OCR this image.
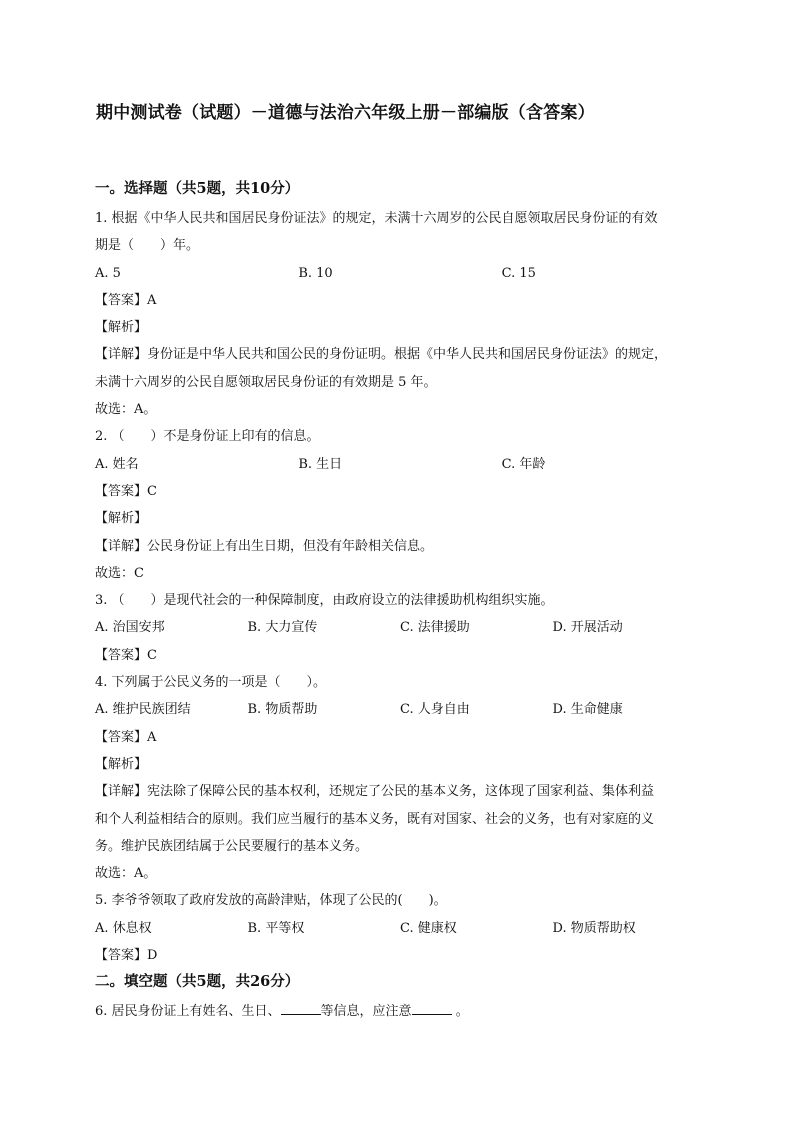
期中测试卷（试题）－道德与法治六年级上册－部编版（含答案）
一。选择题（共5题，共10分）
1. 根据《中华人民共和国居民身份证法》的规定，未满十六周岁的公民自愿领取居民身份证的有效
期是（　　）年。
A. 5	B. 10	C. 15
【答案】A
【解析】
【详解】身份证是中华人民共和国公民的身份证明。根据《中华人民共和国居民身份证法》的规定，
未满十六周岁的公民自愿领取居民身份证的有效期是 5 年。
故选：A。
2. （　　）不是身份证上印有的信息。
A. 姓名	B. 生日	C. 年龄
【答案】C
【解析】
【详解】公民身份证上有出生日期，但没有年龄相关信息。
故选：C
3. （　　）是现代社会的一种保障制度，由政府设立的法律援助机构组织实施。
A. 治国安邦	B. 大力宣传	C. 法律援助	D. 开展活动
【答案】C
4. 下列属于公民义务的一项是（　　）。
A. 维护民族团结	B. 物质帮助	C. 人身自由	D. 生命健康
【答案】A
【解析】
【详解】宪法除了保障公民的基本权利，还规定了公民的基本义务，这体现了国家利益、集体利益
和个人利益相结合的原则。我们应当履行的基本义务，既有对国家、社会的义务，也有对家庭的义
务。维护民族团结属于公民要履行的基本义务。
故选：A。
5. 李爷爷领取了政府发放的高龄津贴，体现了公民的(　　)。
A. 休息权	B. 平等权	C. 健康权	D. 物质帮助权
【答案】D
二。填空题（共5题，共26分）
6. 居民身份证上有姓名、生日、	等信息，应注意	。
